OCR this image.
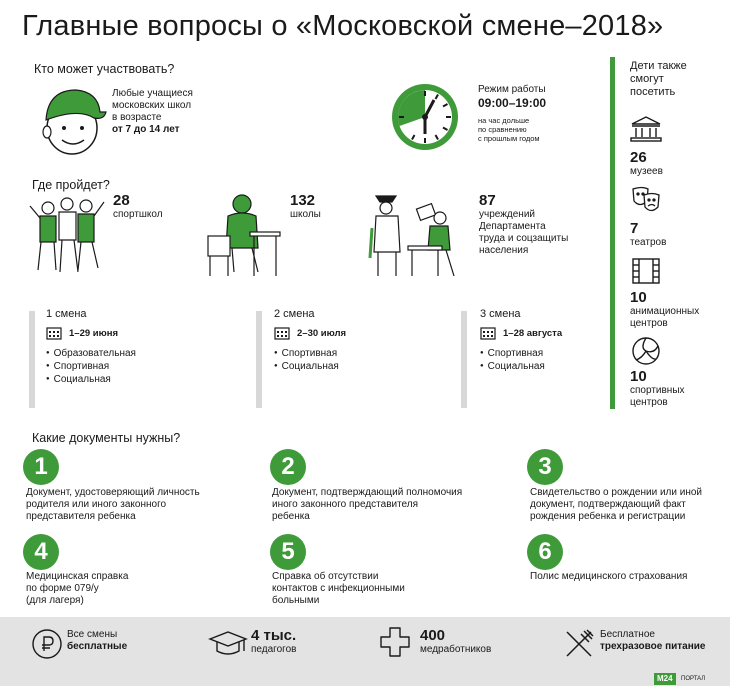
Главные вопросы о «Московской смене–2018»
Кто может участвовать?
Любые учащиеся
московских школ
в возрасте
от 7 до 14 лет
Режим работы
09:00–19:00
на час дольше
по сравнению
с прошлым годом
Где пройдет?
28
спортшкол
132
школы
87
учреждений
Департамента
труда и соцзащиты
населения
1 смена
1–29 июня
● Образовательная
● Спортивная
● Социальная
2 смена
2–30 июля
● Спортивная
● Социальная
3 смена
1–28 августа
● Спортивная
● Социальная
Дети также
смогут
посетить
26
музеев
7
театров
10
анимационных
центров
10
спортивных
центров
Какие документы нужны?
1
Документ, удостоверяющий личность
родителя или иного законного
представителя ребенка
2
Документ, подтверждающий полномочия
иного законного представителя
ребенка
3
Свидетельство о рождении или иной
документ, подтверждающий факт
рождения ребенка и регистрации
4
Медицинская справка
по форме 079/у
(для лагеря)
5
Справка об отсутствии
контактов с инфекционными
больными
6
Полис медицинского страхования
Все смены
бесплатные
4 тыс.
педагогов
400
медработников
Бесплатное
трехразовое питание
M24	ПОРТАЛ
